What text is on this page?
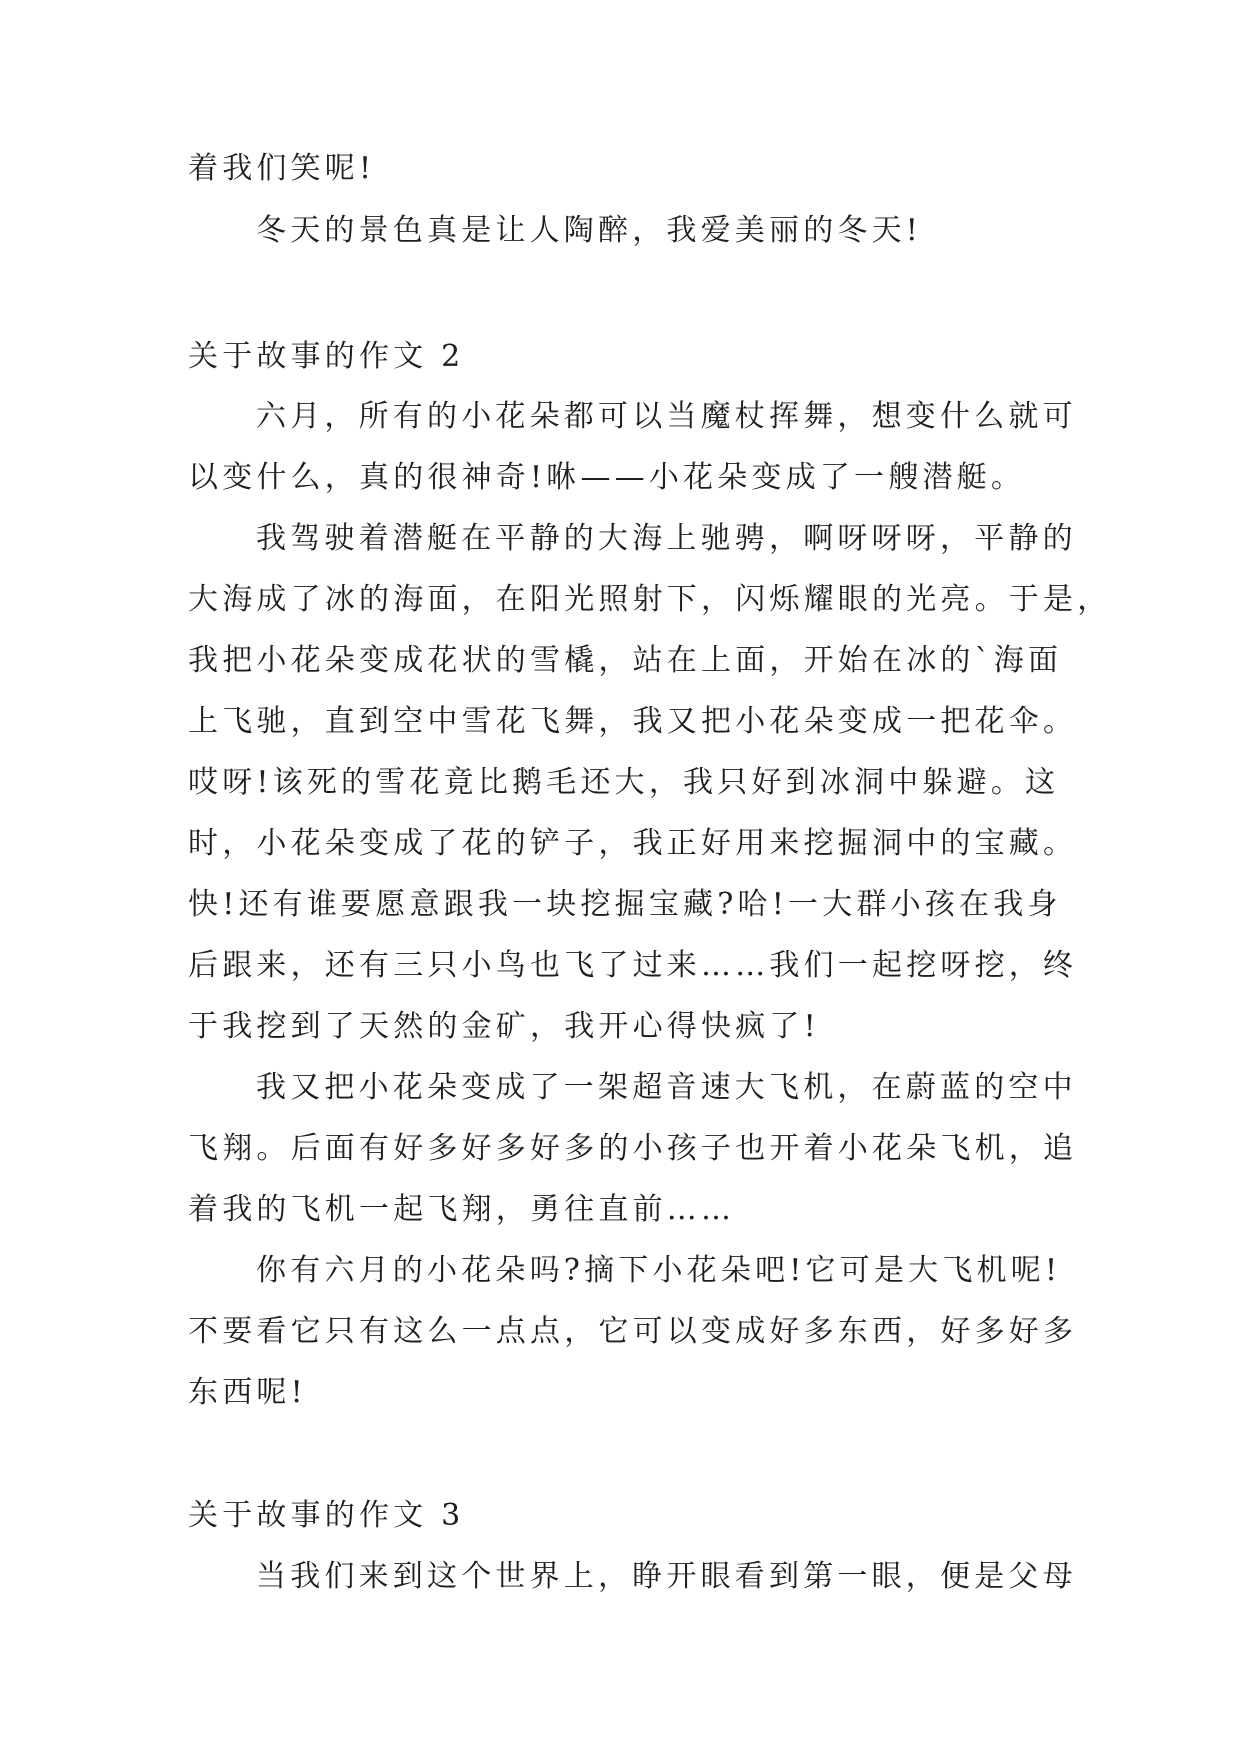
着我们笑呢!
冬天的景色真是让人陶醉，我爱美丽的冬天!
关于故事的作文 2
六月，所有的小花朵都可以当魔杖挥舞，想变什么就可
以变什么，真的很神奇!咻——小花朵变成了一艘潜艇。
我驾驶着潜艇在平静的大海上驰骋，啊呀呀呀，平静的
大海成了冰的海面，在阳光照射下，闪烁耀眼的光亮。于是，
我把小花朵变成花状的雪橇，站在上面，开始在冰的`海面
上飞驰，直到空中雪花飞舞，我又把小花朵变成一把花伞。
哎呀!该死的雪花竟比鹅毛还大，我只好到冰洞中躲避。这
时，小花朵变成了花的铲子，我正好用来挖掘洞中的宝藏。
快!还有谁要愿意跟我一块挖掘宝藏?哈!一大群小孩在我身
后跟来，还有三只小鸟也飞了过来……我们一起挖呀挖，终
于我挖到了天然的金矿，我开心得快疯了!
我又把小花朵变成了一架超音速大飞机，在蔚蓝的空中
飞翔。后面有好多好多好多的小孩子也开着小花朵飞机，追
着我的飞机一起飞翔，勇往直前……
你有六月的小花朵吗?摘下小花朵吧!它可是大飞机呢!
不要看它只有这么一点点，它可以变成好多东西，好多好多
东西呢!
关于故事的作文 3
当我们来到这个世界上，睁开眼看到第一眼，便是父母
